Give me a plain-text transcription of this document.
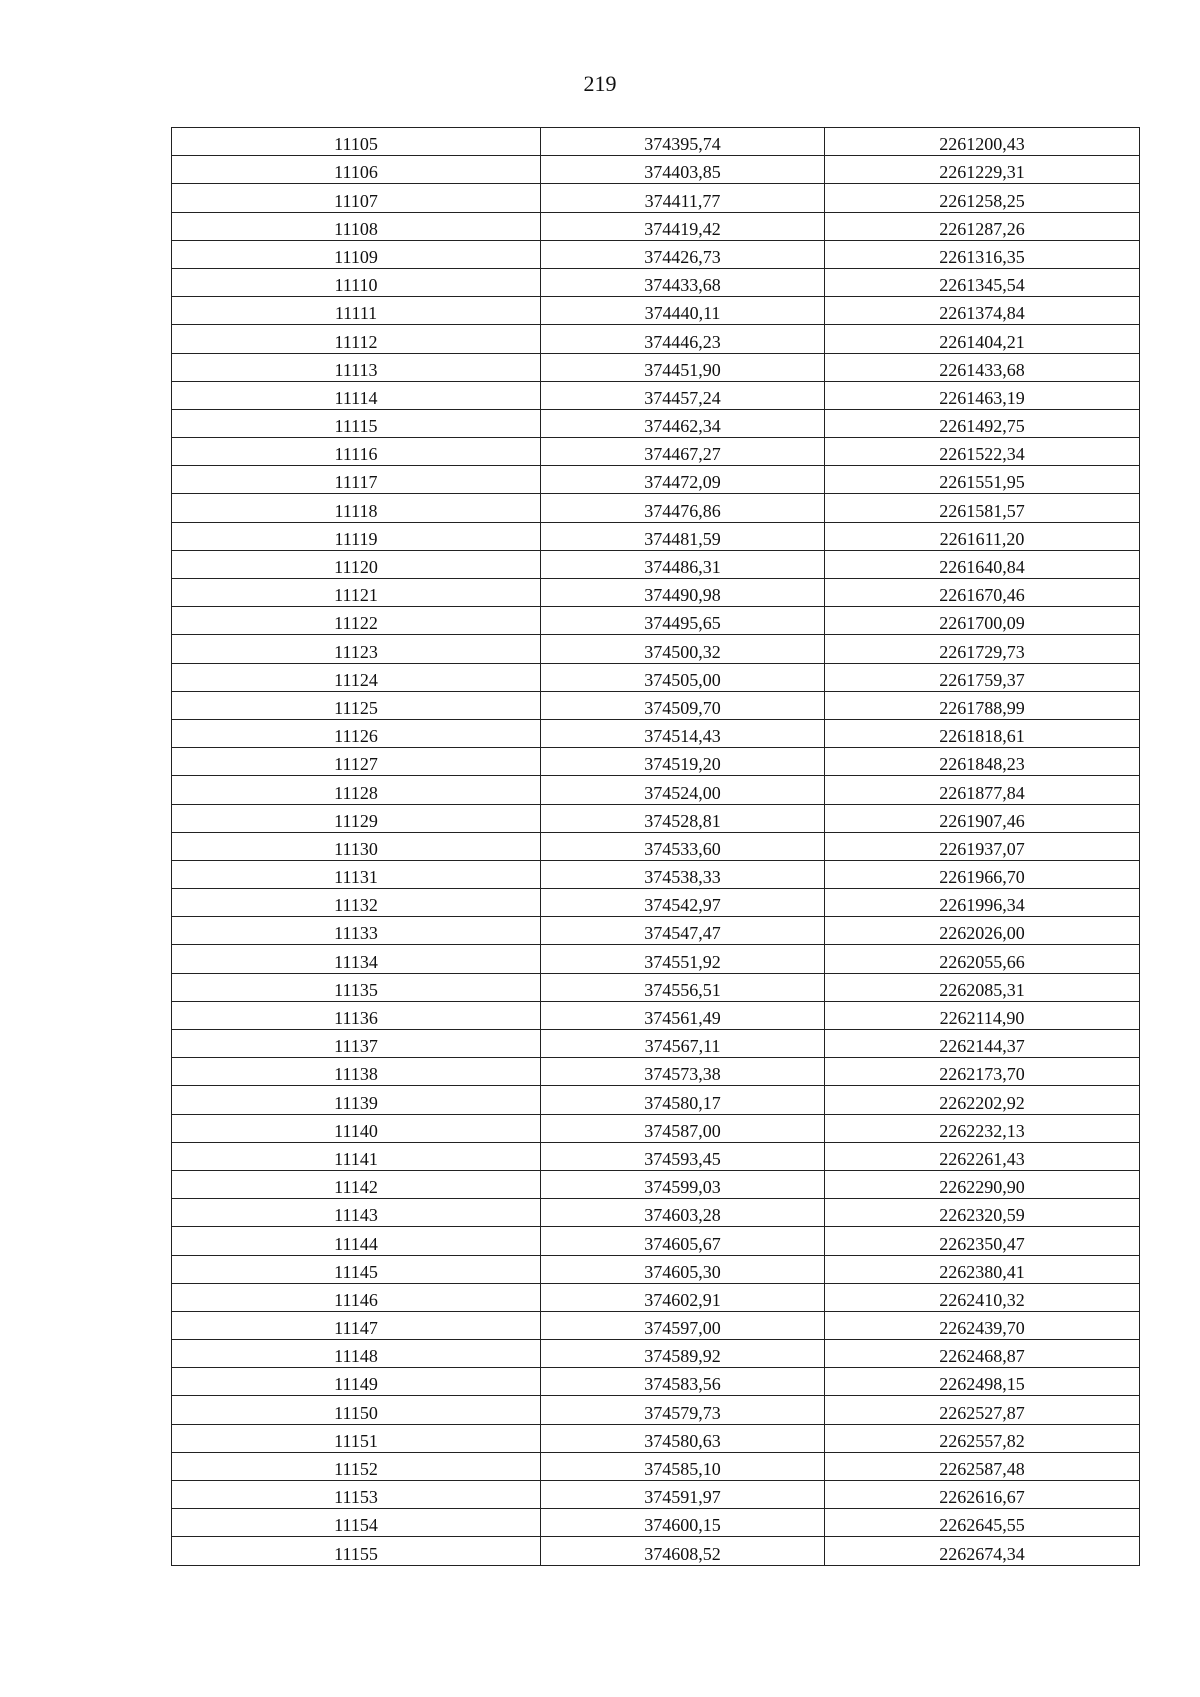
219
11105	374395,74	2261200,43
11106	374403,85	2261229,31
11107	374411,77	2261258,25
11108	374419,42	2261287,26
11109	374426,73	2261316,35
11110	374433,68	2261345,54
11111	374440,11	2261374,84
11112	374446,23	2261404,21
11113	374451,90	2261433,68
11114	374457,24	2261463,19
11115	374462,34	2261492,75
11116	374467,27	2261522,34
11117	374472,09	2261551,95
11118	374476,86	2261581,57
11119	374481,59	2261611,20
11120	374486,31	2261640,84
11121	374490,98	2261670,46
11122	374495,65	2261700,09
11123	374500,32	2261729,73
11124	374505,00	2261759,37
11125	374509,70	2261788,99
11126	374514,43	2261818,61
11127	374519,20	2261848,23
11128	374524,00	2261877,84
11129	374528,81	2261907,46
11130	374533,60	2261937,07
11131	374538,33	2261966,70
11132	374542,97	2261996,34
11133	374547,47	2262026,00
11134	374551,92	2262055,66
11135	374556,51	2262085,31
11136	374561,49	2262114,90
11137	374567,11	2262144,37
11138	374573,38	2262173,70
11139	374580,17	2262202,92
11140	374587,00	2262232,13
11141	374593,45	2262261,43
11142	374599,03	2262290,90
11143	374603,28	2262320,59
11144	374605,67	2262350,47
11145	374605,30	2262380,41
11146	374602,91	2262410,32
11147	374597,00	2262439,70
11148	374589,92	2262468,87
11149	374583,56	2262498,15
11150	374579,73	2262527,87
11151	374580,63	2262557,82
11152	374585,10	2262587,48
11153	374591,97	2262616,67
11154	374600,15	2262645,55
11155	374608,52	2262674,34
